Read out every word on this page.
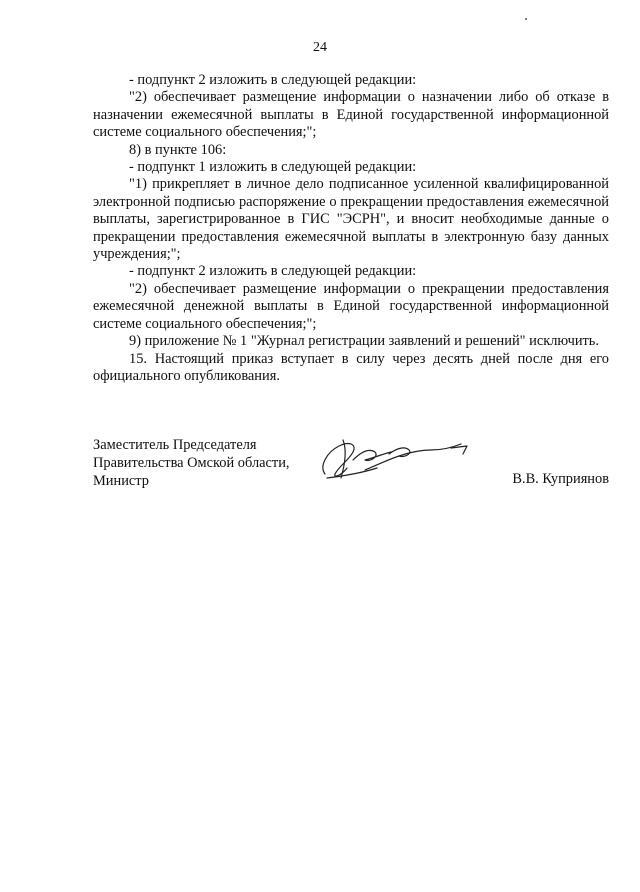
24

- подпункт 2 изложить в следующей редакции:

"2) обеспечивает размещение информации о назначении либо об отказе в назначении ежемесячной выплаты в Единой государственной информационной системе социального обеспечения;";

8) в пункте 106:

- подпункт 1 изложить в следующей редакции:

"1) прикрепляет в личное дело подписанное усиленной квалифицированной электронной подписью распоряжение о прекращении предоставления ежемесячной выплаты, зарегистрированное в ГИС "ЭСРН", и вносит необходимые данные о прекращении предоставления ежемесячной выплаты в электронную базу данных учреждения;";

- подпункт 2 изложить в следующей редакции:

"2) обеспечивает размещение информации о прекращении предоставления ежемесячной денежной выплаты в Единой государственной информационной системе социального обеспечения;";

9) приложение № 1 "Журнал регистрации заявлений и решений" исключить.

15. Настоящий приказ вступает в силу через десять дней после дня его официального опубликования.

Заместитель Председателя
Правительства Омской области,
Министр	В.В. Куприянов
